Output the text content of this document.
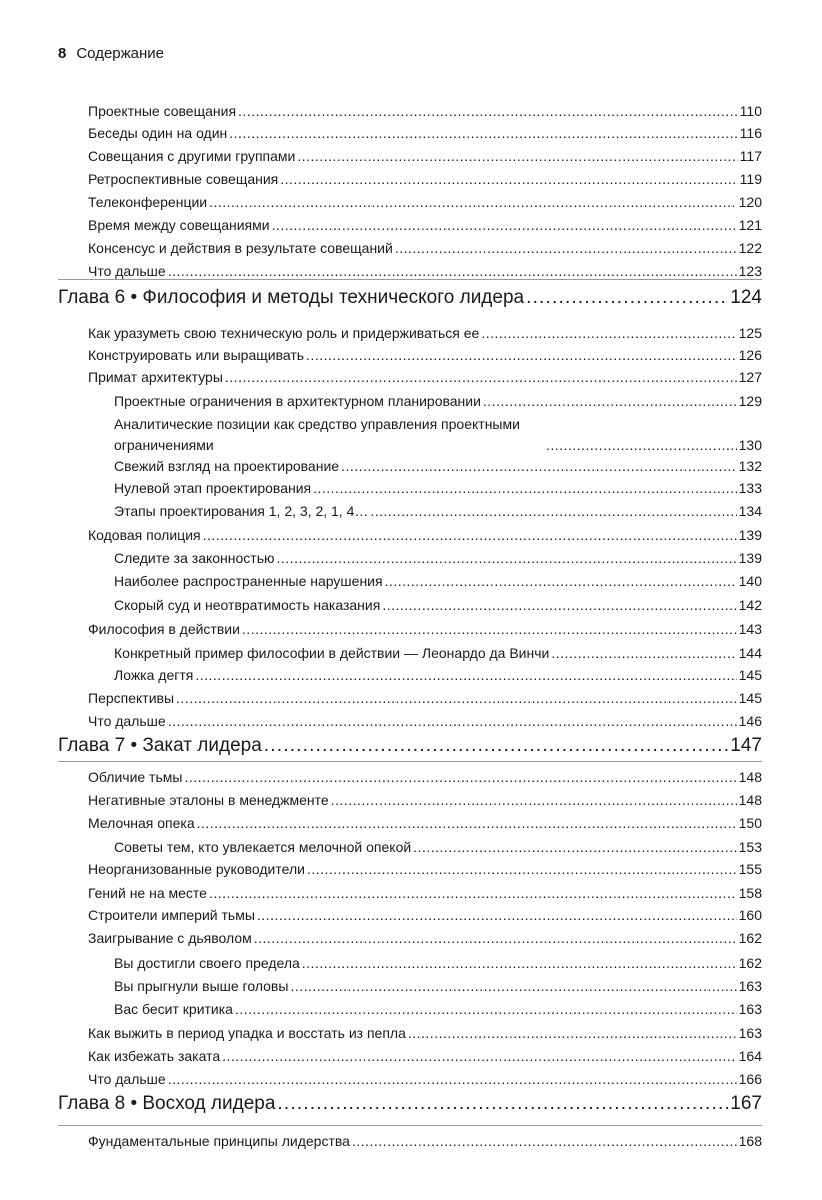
8 Содержание
Проектные совещания .....	110
Беседы один на один .....	116
Совещания с другими группами .....	117
Ретроспективные совещания .....	119
Телеконференции .....	120
Время между совещаниями .....	121
Консенсус и действия в результате совещаний .....	122
Что дальше .....	123
Глава 6 • Философия и методы технического лидера .....	124
Как уразуметь свою техническую роль и придерживаться ее .....	125
Конструировать или выращивать .....	126
Примат архитектуры .....	127
Проектные ограничения в архитектурном планировании .....	129
Аналитические позиции как средство управления проектными ограничениями .....	130
Свежий взгляд на проектирование .....	132
Нулевой этап проектирования .....	133
Этапы проектирования 1, 2, 3, 2, 1, 4… .....	134
Кодовая полиция .....	139
Следите за законностью .....	139
Наиболее распространенные нарушения .....	140
Скорый суд и неотвратимость наказания .....	142
Философия в действии .....	143
Конкретный пример философии в действии — Леонардо да Винчи .....	144
Ложка дегтя .....	145
Перспективы .....	145
Что дальше .....	146
Глава 7 • Закат лидера .....	147
Обличие тьмы .....	148
Негативные эталоны в менеджменте .....	148
Мелочная опека .....	150
Советы тем, кто увлекается мелочной опекой .....	153
Неорганизованные руководители .....	155
Гений не на месте .....	158
Строители империй тьмы .....	160
Заигрывание с дьяволом .....	162
Вы достигли своего предела .....	162
Вы прыгнули выше головы .....	163
Вас бесит критика .....	163
Как выжить в период упадка и восстать из пепла .....	163
Как избежать заката .....	164
Что дальше .....	166
Глава 8 • Восход лидера .....	167
Фундаментальные принципы лидерства .....	168
